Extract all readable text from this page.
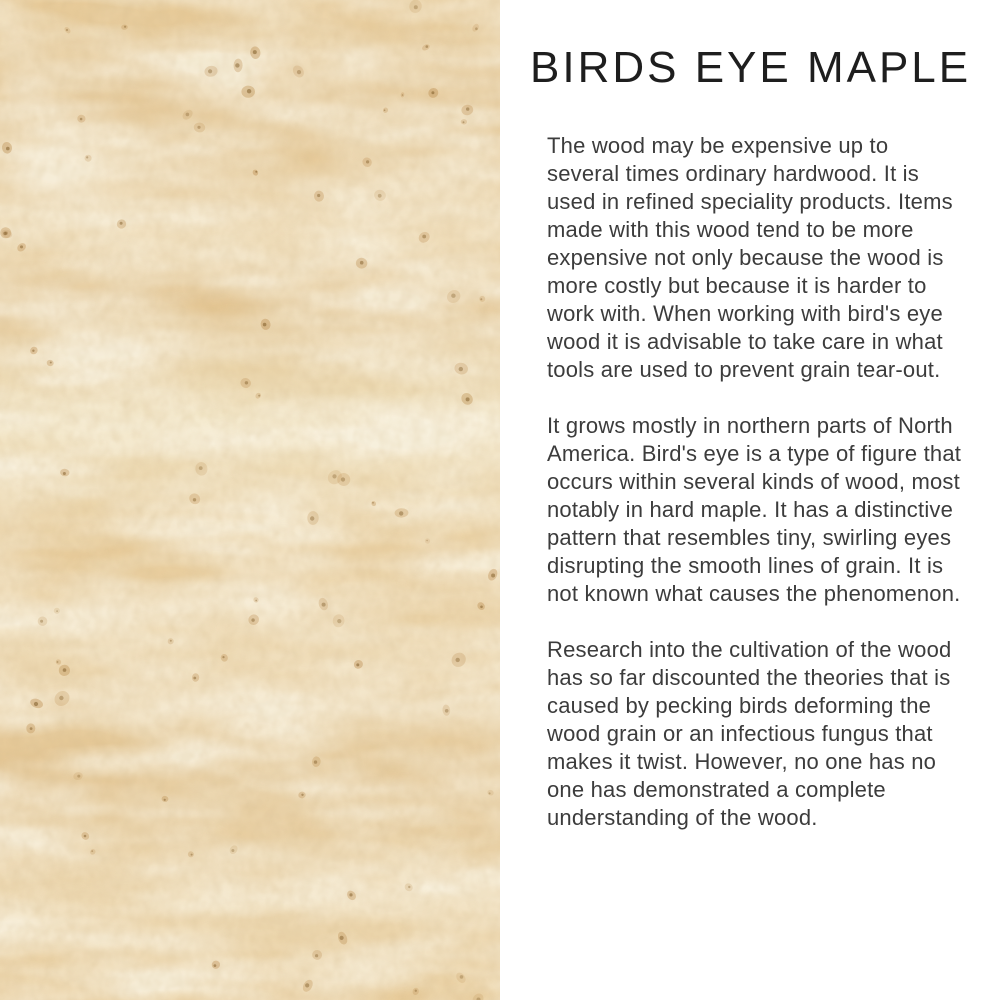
BIRDS EYE MAPLE

The wood may be expensive up to several times ordinary hardwood. It is used in refined speciality products. Items made with this wood tend to be more expensive not only because the wood is more costly but because it is harder to work with. When working with bird's eye wood it is advisable to take care in what tools are used to prevent grain tear-out.

It grows mostly in northern parts of North America. Bird's eye is a type of figure that occurs within several kinds of wood, most notably in hard maple. It has a distinctive pattern that resembles tiny, swirling eyes disrupting the smooth lines of grain. It is not known what causes the phenomenon.

Research into the cultivation of the wood has so far discounted the theories that is caused by pecking birds deforming the wood grain or an infectious fungus that makes it twist. However, no one has no one has demonstrated a complete understanding of the wood.
